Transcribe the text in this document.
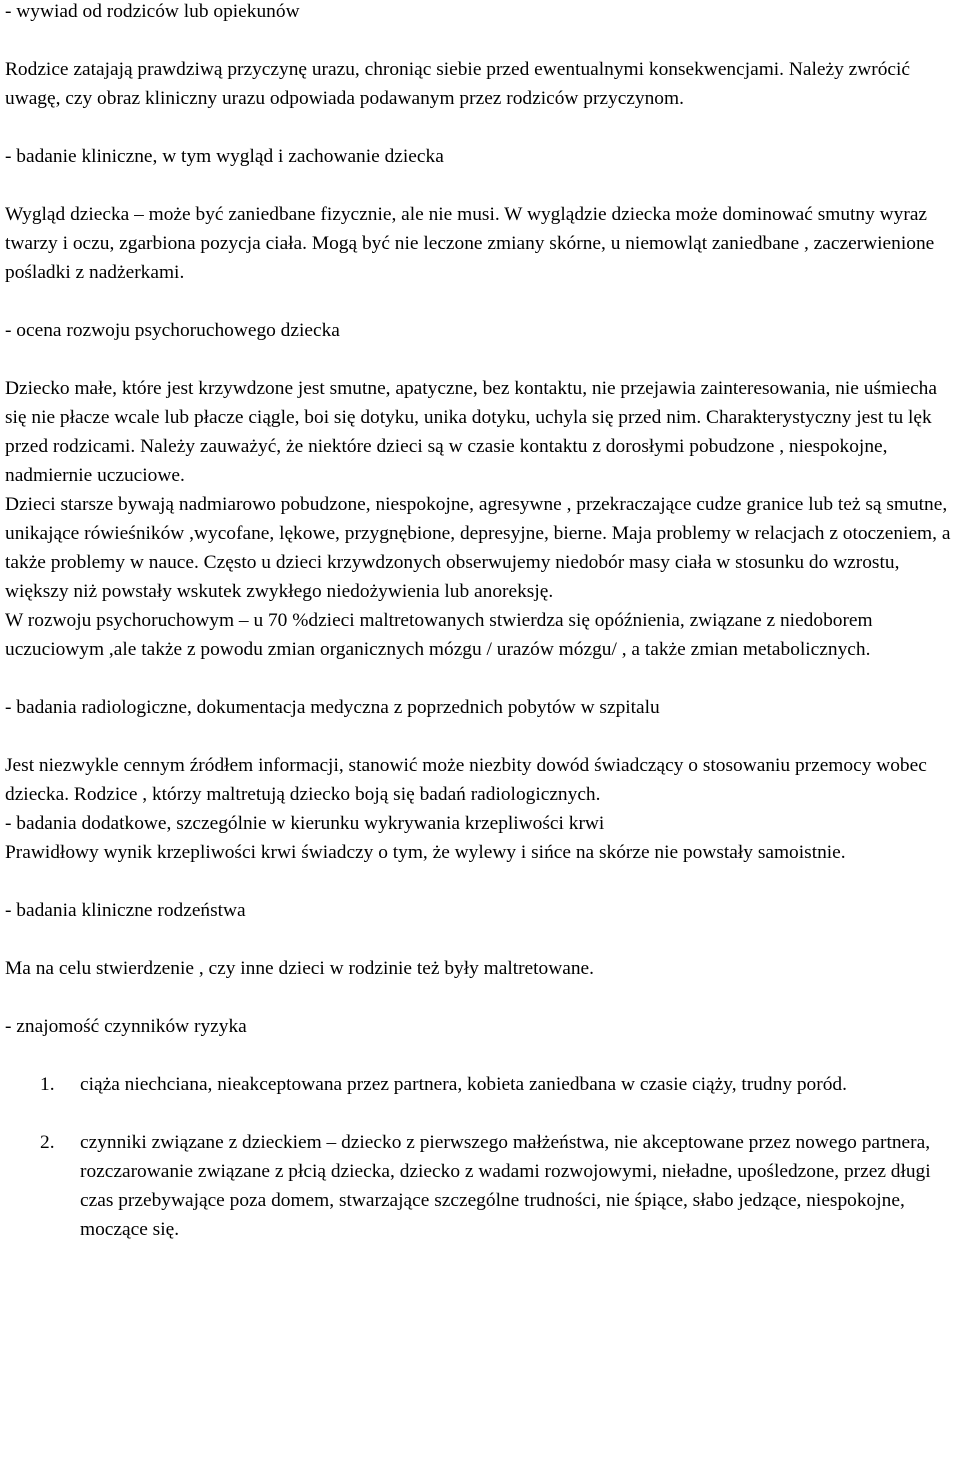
- wywiad od rodziców lub opiekunów

Rodzice zatajają prawdziwą przyczynę urazu, chroniąc siebie przed ewentualnymi konsekwencjami. Należy zwrócić uwagę, czy obraz kliniczny urazu odpowiada podawanym przez rodziców przyczynom.

- badanie kliniczne, w tym wygląd i zachowanie dziecka

Wygląd dziecka – może być zaniedbane fizycznie, ale nie musi. W wyglądzie dziecka może dominować smutny wyraz twarzy i oczu, zgarbiona pozycja ciała. Mogą być nie leczone zmiany skórne, u niemowląt zaniedbane , zaczerwienione pośladki z nadżerkami.

- ocena rozwoju psychoruchowego dziecka

Dziecko małe, które jest krzywdzone jest smutne, apatyczne, bez kontaktu, nie przejawia zainteresowania, nie uśmiecha się nie płacze wcale lub płacze ciągle, boi się dotyku, unika dotyku, uchyla się przed nim. Charakterystyczny jest tu lęk przed rodzicami. Należy zauważyć, że niektóre dzieci są w czasie kontaktu z dorosłymi pobudzone , niespokojne, nadmiernie uczuciowe.

Dzieci starsze bywają nadmiarowo pobudzone, niespokojne, agresywne , przekraczające cudze granice lub też są smutne, unikające rówieśników ,wycofane, lękowe, przygnębione, depresyjne, bierne. Maja problemy w relacjach z otoczeniem, a także problemy w nauce. Często u dzieci krzywdzonych obserwujemy niedobór masy ciała w stosunku do wzrostu, większy niż powstały wskutek zwykłego niedożywienia lub anoreksję.

W rozwoju psychoruchowym – u 70 %dzieci maltretowanych stwierdza się opóźnienia, związane z niedoborem uczuciowym ,ale także z powodu zmian organicznych mózgu / urazów mózgu/ , a także zmian metabolicznych.

- badania radiologiczne, dokumentacja medyczna z poprzednich pobytów w szpitalu

Jest niezwykle cennym źródłem informacji, stanowić może niezbity dowód świadczący o stosowaniu przemocy wobec dziecka. Rodzice , którzy maltretują dziecko boją się badań radiologicznych.

- badania dodatkowe, szczególnie w kierunku wykrywania krzepliwości krwi

Prawidłowy wynik krzepliwości krwi świadczy o tym, że wylewy i sińce na skórze nie powstały samoistnie.

- badania kliniczne rodzeństwa

Ma na celu stwierdzenie , czy inne dzieci w rodzinie też były maltretowane.

- znajomość czynników ryzyka

1. ciąża niechciana, nieakceptowana przez partnera, kobieta zaniedbana w czasie ciąży, trudny poród.
2. czynniki związane z dzieckiem – dziecko z pierwszego małżeństwa, nie akceptowane przez nowego partnera, rozczarowanie związane z płcią dziecka, dziecko z wadami rozwojowymi, nieładne, upośledzone, przez długi czas przebywające poza domem, stwarzające szczególne trudności, nie śpiące, słabo jedzące, niespokojne, moczące się.
